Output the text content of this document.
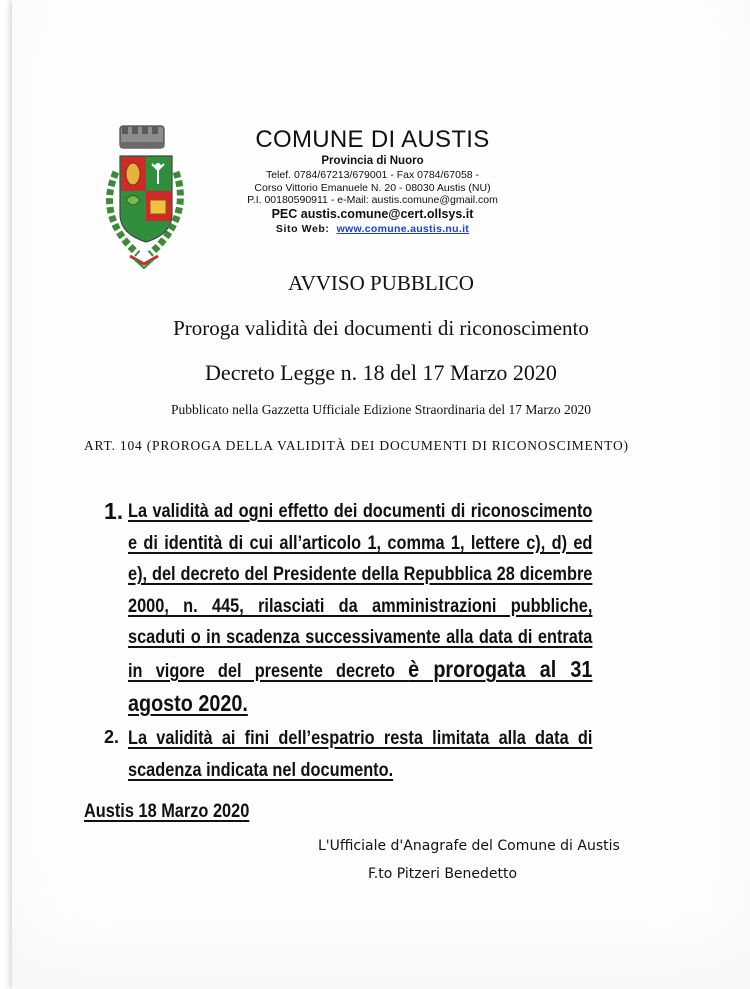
COMUNE DI AUSTIS
Provincia di Nuoro
Telef. 0784/67213/679001 - Fax 0784/67058 -
Corso Vittorio Emanuele N. 20 - 08030 Austis (NU)
P.I. 00180590911 - e-Mail: austis.comune@gmail.com
PEC austis.comune@cert.ollsys.it
Sito Web: www.comune.austis.nu.it
AVVISO PUBBLICO
Proroga validità dei documenti di riconoscimento
Decreto Legge n. 18 del 17 Marzo 2020
Pubblicato nella Gazzetta Ufficiale Edizione Straordinaria del 17 Marzo 2020
ART. 104 (PROROGA DELLA VALIDITÀ DEI DOCUMENTI DI RICONOSCIMENTO)
1. La validità ad ogni effetto dei documenti di riconoscimento e di identità di cui all’articolo 1, comma 1, lettere c), d) ed e), del decreto del Presidente della Repubblica 28 dicembre 2000, n. 445, rilasciati da amministrazioni pubbliche, scaduti o in scadenza successivamente alla data di entrata in vigore del presente decreto è prorogata al 31 agosto 2020.
2. La validità ai fini dell’espatrio resta limitata alla data di scadenza indicata nel documento.
Austis 18 Marzo 2020
L'Ufficiale d'Anagrafe del Comune di Austis
F.to Pitzeri Benedetto
